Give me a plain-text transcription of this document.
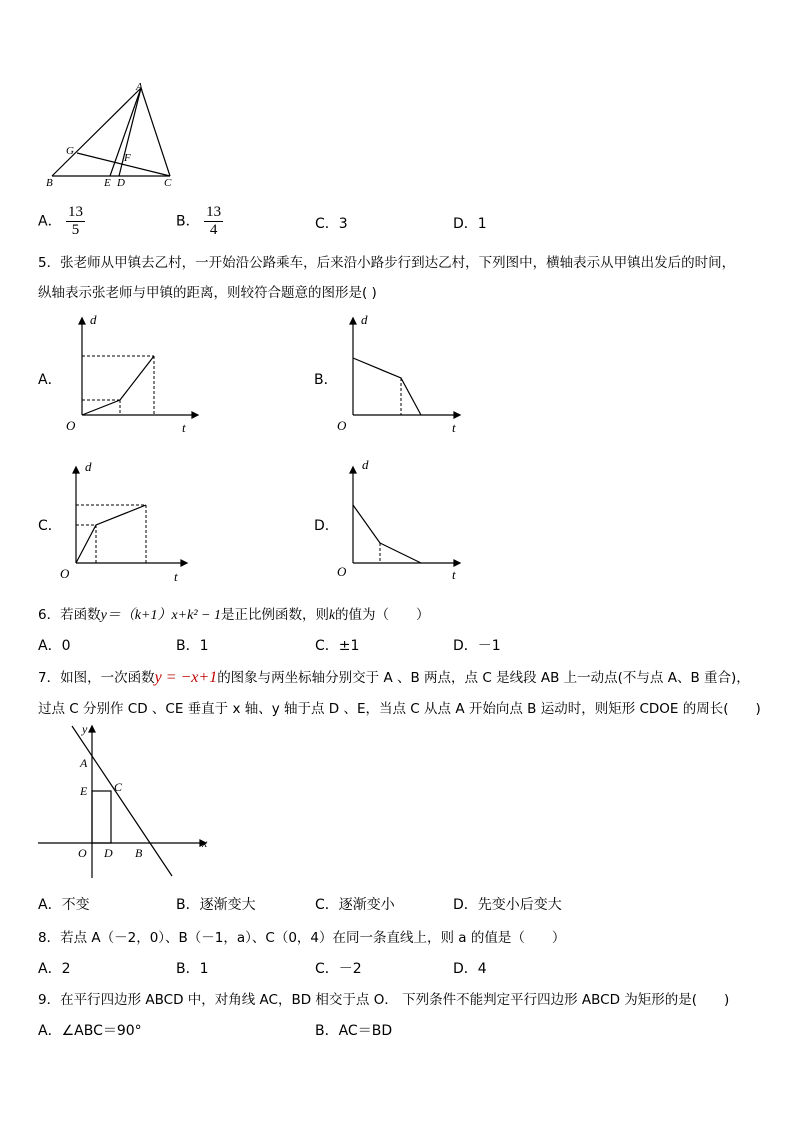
A
G
F
B	E D	C
A． $\frac{13}{5}$	B． $\frac{13}{4}$	C．3	D．1
5．张老师从甲镇去乙村，一开始沿公路乘车，后来沿小路步行到达乙村，下列图中，横轴表示从甲镇出发后的时间，
纵轴表示张老师与甲镇的距离，则较符合题意的图形是( )
A．
d
t
O
B．
d
t
O
C．
d
t
O
D．
d
t
O
6．若函数y＝（k+1）x+k² − 1是正比例函数，则k的值为（　　）
A．0	B．1	C．±1	D．－1
7．如图，一次函数y = −x+1的图象与两坐标轴分别交于 A 、B 两点，点 C 是线段 AB 上一动点(不与点 A、B 重合)，
过点 C 分别作 CD 、CE 垂直于 x 轴、y 轴于点 D 、E，当点 C 从点 A 开始向点 B 运动时，则矩形 CDOE 的周长(　　)
y
A
E C
O D B
x
A．不变	B．逐渐变大	C．逐渐变小	D．先变小后变大
8．若点 A（－2，0）、B（－1，a）、C（0，4）在同一条直线上，则 a 的值是（　　）
A．2	B．1	C．－2	D．4
9．在平行四边形 ABCD 中，对角线 AC，BD 相交于点 O． 下列条件不能判定平行四边形 ABCD 为矩形的是(　　)
A．∠ABC＝90°	B．AC＝BD
